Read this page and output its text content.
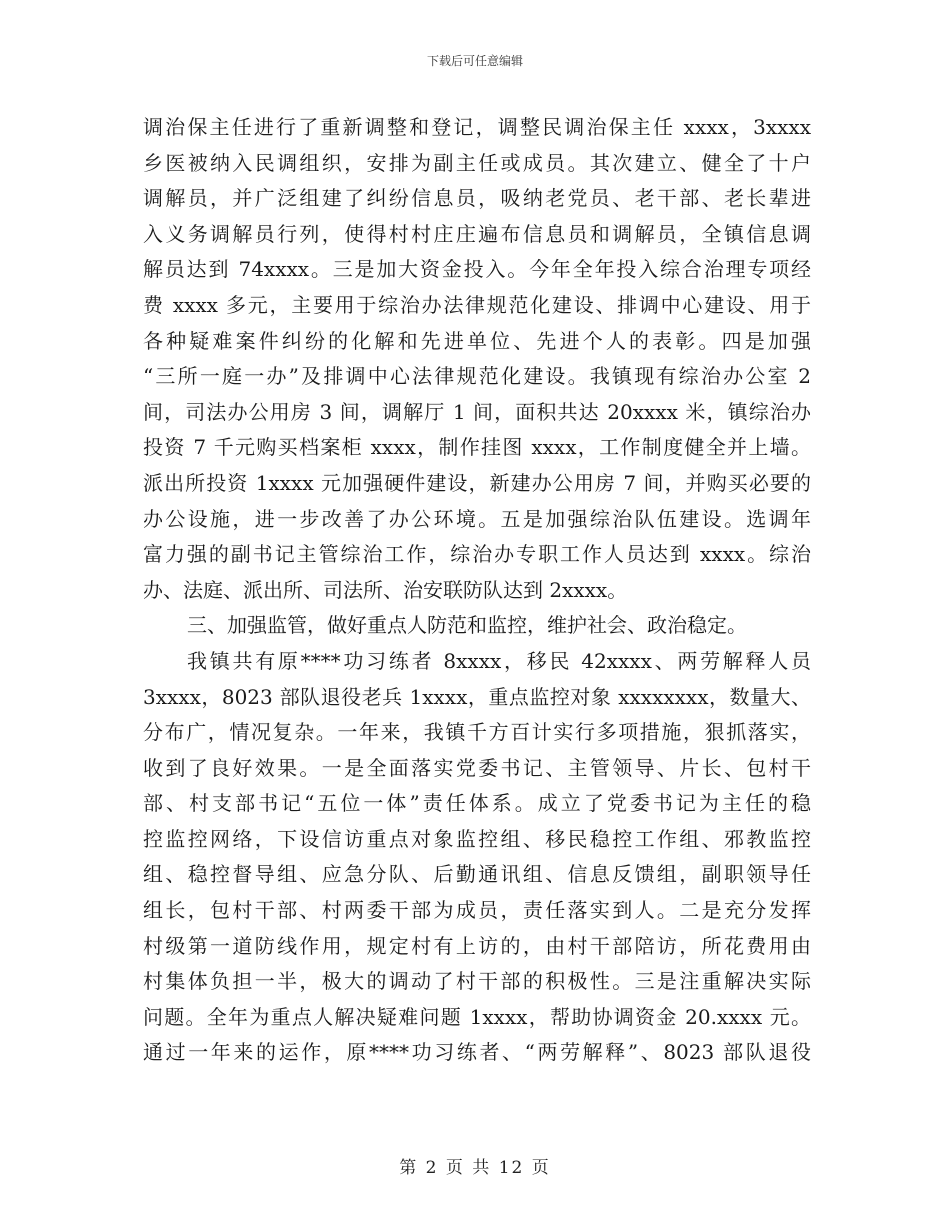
下载后可任意编辑
调治保主任进行了重新调整和登记，调整民调治保主任 xxxx，3xxxx
乡医被纳入民调组织，安排为副主任或成员。其次建立、健全了十户
调解员，并广泛组建了纠纷信息员，吸纳老党员、老干部、老长辈进
入义务调解员行列，使得村村庄庄遍布信息员和调解员，全镇信息调
解员达到 74xxxx。三是加大资金投入。今年全年投入综合治理专项经
费 xxxx 多元，主要用于综治办法律规范化建设、排调中心建设、用于
各种疑难案件纠纷的化解和先进单位、先进个人的表彰。四是加强
“三所一庭一办”及排调中心法律规范化建设。我镇现有综治办公室 2
间，司法办公用房 3 间，调解厅 1 间，面积共达 20xxxx 米，镇综治办
投资 7 千元购买档案柜 xxxx，制作挂图 xxxx，工作制度健全并上墙。
派出所投资 1xxxx 元加强硬件建设，新建办公用房 7 间，并购买必要的
办公设施，进一步改善了办公环境。五是加强综治队伍建设。选调年
富力强的副书记主管综治工作，综治办专职工作人员达到 xxxx。综治
办、法庭、派出所、司法所、治安联防队达到 2xxxx。
三、加强监管，做好重点人防范和监控，维护社会、政治稳定。
我镇共有原****功习练者 8xxxx，移民 42xxxx、两劳解释人员
3xxxx，8023 部队退役老兵 1xxxx，重点监控对象 xxxxxxxx，数量大、
分布广，情况复杂。一年来，我镇千方百计实行多项措施，狠抓落实，
收到了良好效果。一是全面落实党委书记、主管领导、片长、包村干
部、村支部书记“五位一体”责任体系。成立了党委书记为主任的稳
控监控网络，下设信访重点对象监控组、移民稳控工作组、邪教监控
组、稳控督导组、应急分队、后勤通讯组、信息反馈组，副职领导任
组长，包村干部、村两委干部为成员，责任落实到人。二是充分发挥
村级第一道防线作用，规定村有上访的，由村干部陪访，所花费用由
村集体负担一半，极大的调动了村干部的积极性。三是注重解决实际
问题。全年为重点人解决疑难问题 1xxxx，帮助协调资金 20.xxxx 元。
通过一年来的运作，原****功习练者、“两劳解释”、8023 部队退役
第 2 页 共 12 页
